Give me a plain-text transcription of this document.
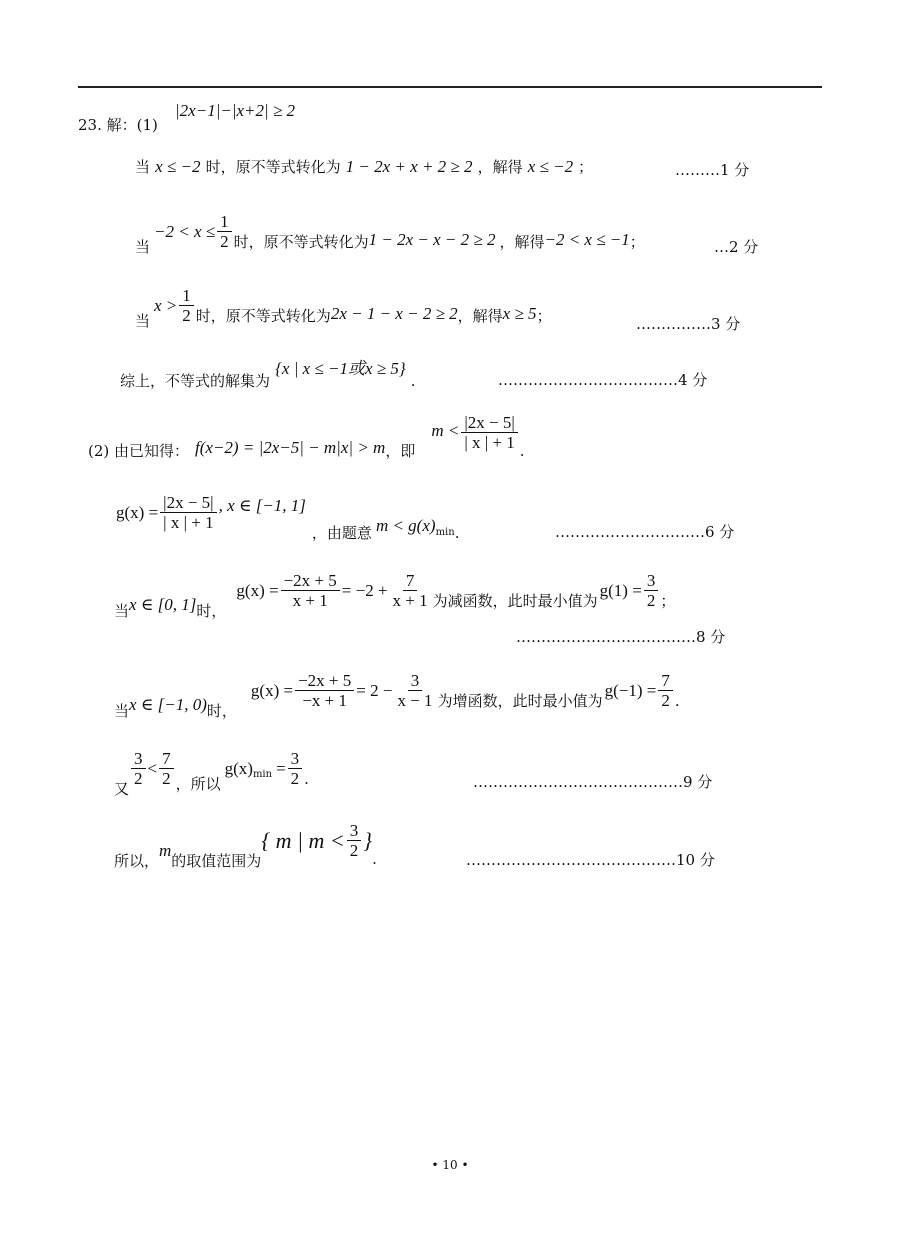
23. 解：(1)
|2x−1|−|x+2| ≥ 2
当 x ≤ −2 时，原不等式转化为 1 − 2x + x + 2 ≥ 2 ，解得 x ≤ −2 ；	………1 分
当
$-2 < x \le \frac{1}{2}$ 时，原不等式转化为 1 − 2x − x − 2 ≥ 2 ，解得 −2 < x ≤ −1 ；	…2 分
当
$x > \frac{1}{2}$ 时，原不等式转化为 2x − 1 − x − 2 ≥ 2 ，解得 x ≥ 5 ；	……………3 分
综上，不等式的解集为 {x | x ≤ −1或x ≥ 5} .	………………………………4 分
(2) 由已知得： f(x−2) = |2x−5| − m|x| > m ，即
$m < \frac{|2x - 5|}{| x | + 1}$ .
$g(x) = \frac{|2x - 5|}{| x | + 1}$ , x ∈ [−1, 1]
，由题意 $m < g(x)_{min}$ .	…………………………6 分
当 x ∈ [0, 1] 时，
$g(x) = \frac{-2x + 5}{x + 1} = -2 + \frac{7}{x + 1}$ 为减函数，此时最小值为
$g(1) = \frac{3}{2}$ ；
………………………………8 分
当 x ∈ [−1, 0) 时，
$g(x) = \frac{-2x + 5}{-x + 1} = 2 - \frac{3}{x - 1}$ 为增函数，此时最小值为
$g(-1) = \frac{7}{2}$ .
又
$\frac{3}{2} < \frac{7}{2}$ ，所以
$g(x)_{min} = \frac{3}{2}$ .	……………………………………9 分
所以，
m
的取值范围为
{ m | $m < \frac{3}{2}$ }
.	……………………………………10 分
• 10 •
